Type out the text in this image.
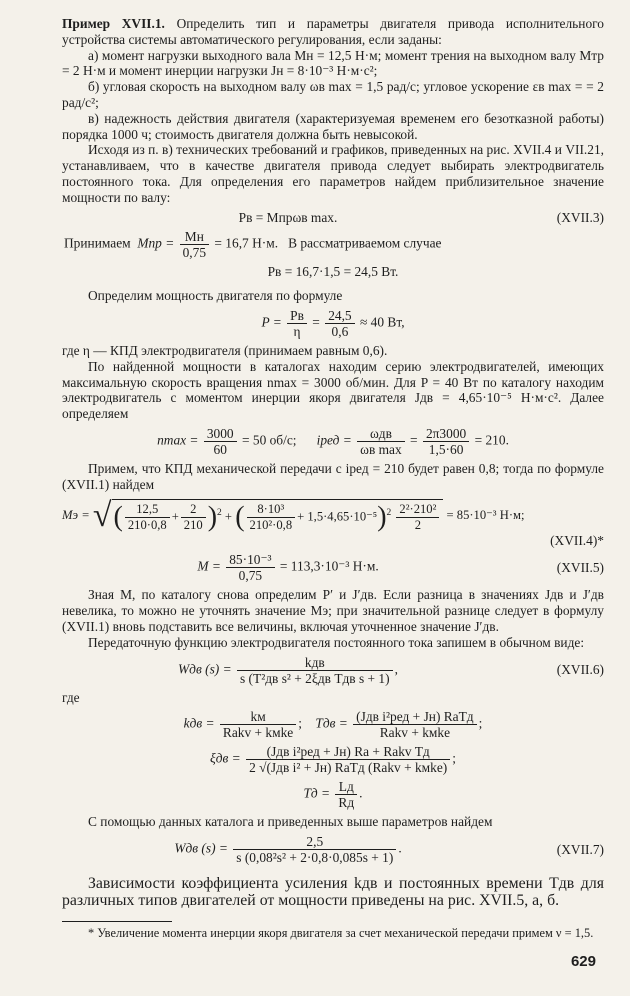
Пример XVII.1. Определить тип и параметры двигателя привода исполнительного устройства системы автоматического регулирования, если заданы:

а) момент нагрузки выходного вала Mн = 12,5 Н·м; момент трения на выходном валу Mтр = 2 Н·м и момент инерции нагрузки Jн = 8·10⁻³ Н·м·с²;

б) угловая скорость на выходном валу ωв max = 1,5 рад/с; угловое ускорение εв max = = 2 рад/с²;

в) надежность действия двигателя (характеризуемая временем его безотказной работы) порядка 1000 ч; стоимость двигателя должна быть невысокой.

Исходя из п. в) технических требований и графиков, приведенных на рис. XVII.4 и VII.21, устанавливаем, что в качестве двигателя привода следует выбирать электродвигатель постоянного тока. Для определения его параметров найдем приблизительное значение мощности по валу:

Pв = Mпрωв max.	(XVII.3)
Принимаем Mпр = $\frac{Mн}{0,75} = 16,7$ Н·м. В рассматриваемом случае
Pв = 16,7·1,5 = 24,5 Вт.

Определим мощность двигателя по формуле

$P = \frac{Pв}{\eta} = \frac{24,5}{0,6} \approx 40$ Вт,

где η — КПД электродвигателя (принимаем равным 0,6).

По найденной мощности в каталогах находим серию электродвигателей, имеющих максимальную скорость вращения nmax = 3000 об/мин. Для P = 40 Вт по каталогу находим электродвигатель с моментом инерции якоря двигателя Jдв = 4,65·10⁻⁵ Н·м·с². Далее определяем

$nmax = \frac{3000}{60} = 50$ об/с; iред = $\frac{\text{ωдв}}{\text{ωв max}} = \frac{2\pi 3000}{1,5\cdot 60} = 210$.

Примем, что КПД механической передачи с iред = 210 будет равен 0,8; тогда по формуле (XVII.1) найдем

Mэ = √( $\frac{12,5}{210\cdot 0,8} + \frac{2}{210} )^2$ + ( $\frac{\text{8·10³}}{\text{210²·0,8}} + 1,5\cdot 4,65\cdot 10^{-5})^2 \frac{\text{2²·210²}}{2} = 85\cdot 10^{-3}$ Н·м;
(XVII.4)*
$M = \frac{\text{85·10⁻³}}{0,75} = 113,3\cdot 10^{-3}$ Н·м.	(XVII.5)

Зная M, по каталогу снова определим P′ и J′дв. Если разница в значениях Jдв и J′дв невелика, то можно не уточнять значение Mэ; при значительной разнице следует в формулу (XVII.1) вновь подставить все величины, включая уточненное значение J′дв.

Передаточную функцию электродвигателя постоянного тока запишем в обычном виде:

Wдв $(s) = \frac{\text{kдв}}{\text{s (T²дв s² + 2ξдв Tдв s + 1)}}$ ,	(XVII.6)

где

kдв = $\frac{kм}{\text{Rakv + kмke}}$ ; Tдв = $\frac{\text{(Jдв i²ред + Jн) RaTд}}{\text{Rakv + kмke}}$ ;
$\xi дв = \frac{\text{(Jдв i²ред + Jн) Ra + Rakv Tд}}{\text{2 √(Jдв i² + Jн) RaTд (Rakv + kмke)}}$ ;
Tд = $\frac{Lд}{Rд}$ .

С помощью данных каталога и приведенных выше параметров найдем

Wдв $(s) = \frac{2,5}{\text{s (0,08²s² + 2·0,8·0,085s + 1)}}$ .	(XVII.7)

Зависимости коэффициента усиления kдв и постоянных времени Tдв для различных типов двигателей от мощности приведены на рис. XVII.5, а, б.

* Увеличение момента инерции якоря двигателя за счет механической передачи примем ν = 1,5.

629
